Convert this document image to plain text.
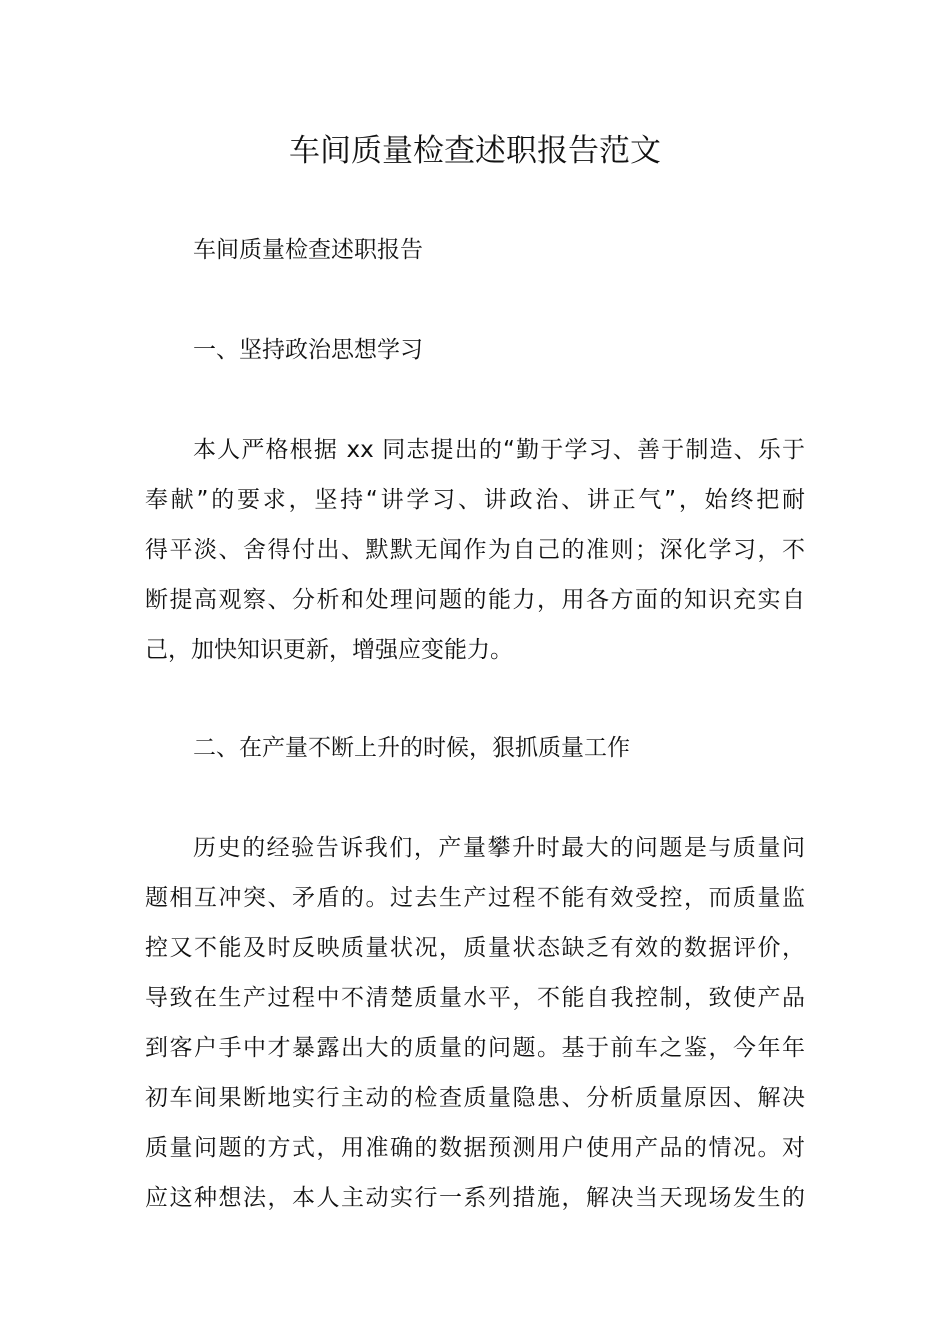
车间质量检查述职报告范文
车间质量检查述职报告
一、坚持政治思想学习
本人严格根据 xx 同志提出的“勤于学习、善于制造、乐于
奉献”的要求，坚持“讲学习、讲政治、讲正气”，始终把耐
得平淡、舍得付出、默默无闻作为自己的准则；深化学习，不
断提高观察、分析和处理问题的能力，用各方面的知识充实自
己，加快知识更新，增强应变能力。
二、在产量不断上升的时候，狠抓质量工作
历史的经验告诉我们，产量攀升时最大的问题是与质量问
题相互冲突、矛盾的。过去生产过程不能有效受控，而质量监
控又不能及时反映质量状况，质量状态缺乏有效的数据评价，
导致在生产过程中不清楚质量水平，不能自我控制，致使产品
到客户手中才暴露出大的质量的问题。基于前车之鉴，今年年
初车间果断地实行主动的检查质量隐患、分析质量原因、解决
质量问题的方式，用准确的数据预测用户使用产品的情况。对
应这种想法，本人主动实行一系列措施，解决当天现场发生的
